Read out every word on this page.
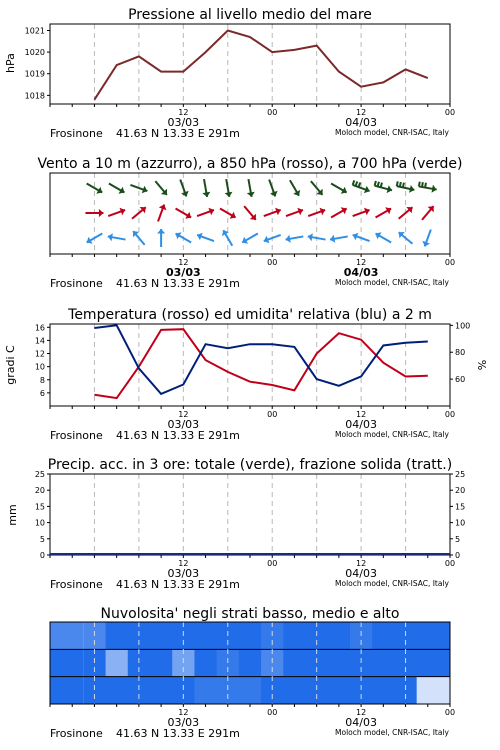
Pressione al livello medio del mare
hPa
12	00	12	00
03/03	04/03
Frosinone 41.63 N 13.33 E 291m	Moloch model, CNR-ISAC, Italy
1018
1019
1020
1021
Vento a 10 m (azzurro), a 850 hPa (rosso), a 700 hPa (verde)
12	00	12	00
03/03	04/03
Frosinone 41.63 N 13.33 E 291m	Moloch model, CNR-ISAC, Italy
Temperatura (rosso) ed umidita' relativa (blu) a 2 m
gradi C	%
12	00	12	00
03/03	04/03
Frosinone 41.63 N 13.33 E 291m	Moloch model, CNR-ISAC, Italy
6
8
10
12
14
16
60
80
100
Precip. acc. in 3 ore: totale (verde), frazione solida (tratt.)
mm
12	00	12	00
03/03	04/03
Frosinone 41.63 N 13.33 E 291m	Moloch model, CNR-ISAC, Italy
0	0
5	5
10	10
15	15
20	20
25	25
Nuvolosita' negli strati basso, medio e alto
12	00	12	00
03/03	04/03
Frosinone 41.63 N 13.33 E 291m	Moloch model, CNR-ISAC, Italy
